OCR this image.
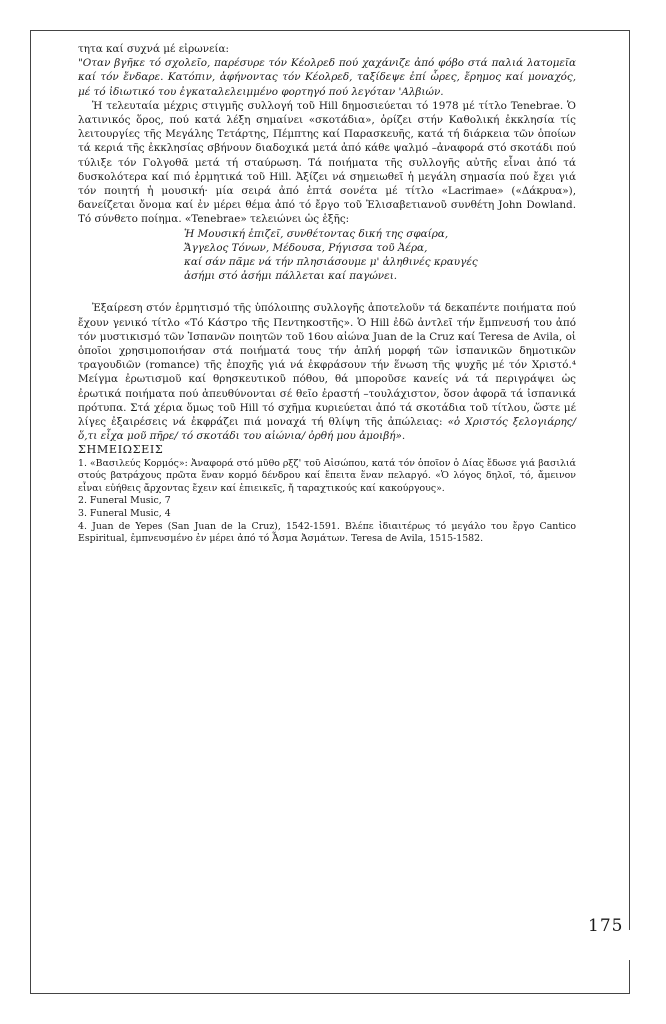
τητα καί συχνά μέ εἰρωνεία:

"Οταν βγῆκε τό σχολεῖο, παρέσυρε τόν Κέολρεδ πού χαχάνιζε ἀπό φόβο στά παλιά λατομεῖα καί τόν ἔνδαρε. Κατόπιν, ἀφήνοντας τόν Κέολρεδ, ταξίδεψε ἐπί ὧρες, ἔρημος καί μοναχός, μέ τό ἰδιωτικό του ἐγκαταλελειμμένο φορτηγό πού λεγόταν 'Αλβιών.

Ἡ τελευταία μέχρις στιγμῆς συλλογή τοῦ Hill δημοσιεύεται τό 1978 μέ τίτλο Tenebrae. Ὁ λατινικός ὅρος, πού κατά λέξη σημαίνει «σκοτάδια», ὁρίζει στήν Καθολική ἐκκλησία τίς λειτουργίες τῆς Μεγάλης Τετάρτης, Πέμπτης καί Παρασκευῆς, κατά τή διάρκεια τῶν ὁποίων τά κεριά τῆς ἐκκλησίας σβήνουν διαδοχικά μετά ἀπό κάθε ψαλμό –ἀναφορά στό σκοτάδι πού τύλιξε τόν Γολγοθᾶ μετά τή σταύρωση. Τά ποιήματα τῆς συλλογῆς αὐτῆς εἶναι ἀπό τά δυσκολότερα καί πιό ἑρμητικά τοῦ Hill. Ἀξίζει νά σημειωθεῖ ἡ μεγάλη σημασία πού ἔχει γιά τόν ποιητή ἡ μουσική· μία σειρά ἀπό ἑπτά σονέτα μέ τίτλο «Lacrimae» («Δάκρυα»), δανείζεται ὄνομα καί ἐν μέρει θέμα ἀπό τό ἔργο τοῦ Ἐλισαβετιανοῦ συνθέτη John Dowland. Τό σύνθετο ποίημα. «Tenebrae» τελειώνει ὡς ἑξῆς:

Ἡ Μουσική ἐπιζεῖ, συνθέτοντας δική της σφαίρα,
Ἄγγελος Τόνων, Μέδουσα, Ρήγισσα τοῦ Ἀέρα,
καί σάν πᾶμε νά τήν πλησιάσουμε μ' ἀληθινές κραυγές
ἀσήμι στό ἀσήμι πάλλεται καί παγώνει.

Ἐξαίρεση στόν ἑρμητισμό τῆς ὑπόλοιπης συλλογῆς ἀποτελοῦν τά δεκαπέντε ποιήματα πού ἔχουν γενικό τίτλο «Τό Κάστρο τῆς Πεντηκοστῆς». Ὁ Hill ἐδῶ ἀντλεῖ τήν ἔμπνευσή του ἀπό τόν μυστικισμό τῶν Ἰσπανῶν ποιητῶν τοῦ 16ου αἰώνα Juan de la Cruz καί Teresa de Avila, οἱ ὁποῖοι χρησιμοποιήσαν στά ποιήματά τους τήν ἁπλή μορφή τῶν ἰσπανικῶν δημοτικῶν τραγουδιῶν (romance) τῆς ἐποχῆς γιά νά ἐκφράσουν τήν ἕνωση τῆς ψυχῆς μέ τόν Χριστό.⁴ Μείγμα ἐρωτισμοῦ καί θρησκευτικοῦ πόθου, θά μποροῦσε κανείς νά τά περιγράψει ὡς ἐρωτικά ποιήματα πού ἀπευθύνονται σέ θεῖο ἐραστή –τουλάχιστον, ὅσον ἀφορᾶ τά ἰσπανικά πρότυπα. Στά χέρια ὅμως τοῦ Hill τό σχῆμα κυριεύεται ἀπό τά σκοτάδια τοῦ τίτλου, ὥστε μέ λίγες ἐξαιρέσεις νά ἐκφράζει πιά μοναχά τή θλίψη τῆς ἀπώλειας: «ὁ Χριστός ξελογιάρης/ ὅ,τι εἶχα μοῦ πῆρε/ τό σκοτάδι του αἰώνια/ ὀρθή μου ἀμοιβή».

ΣΗΜΕΙΩΣΕΙΣ

1. «Βασιλεύς Κορμός»: Ἀναφορά στό μῦθο ρξζ' τοῦ Αἰσώπου, κατά τόν ὁποῖον ὁ Δίας ἔδωσε γιά βασιλιά στούς βατράχους πρῶτα ἕναν κορμό δένδρου καί ἔπειτα ἕναν πελαργό. «Ὁ λόγος δηλοῖ, τό, ἄμεινον εἶναι εὐήθεις ἄρχοντας ἔχειν καί ἐπιεικεῖς, ἤ ταραχτικούς καί κακούργους».

2. Funeral Music, 7

3. Funeral Music, 4

4. Juan de Yepes (San Juan de la Cruz), 1542-1591. Βλέπε ἰδιαιτέρως τό μεγάλο του ἔργο Cantico Espiritual, ἐμπνευσμένο ἐν μέρει ἀπό τό Ἆσμα Ἀσμάτων. Teresa de Avila, 1515-1582.

175
